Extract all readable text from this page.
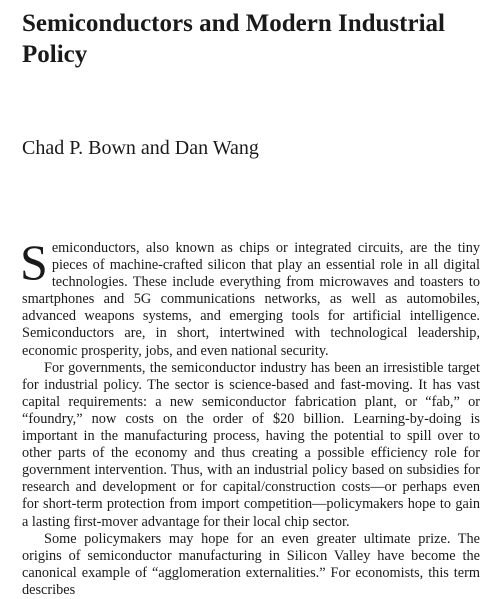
Semiconductors and Modern Industrial Policy
Chad P. Bown and Dan Wang

Semiconductors, also known as chips or integrated circuits, are the tiny pieces of machine-crafted silicon that play an essential role in all digital technologies. These include everything from microwaves and toasters to smartphones and 5G communications networks, as well as automobiles, advanced weapons systems, and emerging tools for artificial intelligence. Semiconductors are, in short, intertwined with technological leadership, economic prosperity, jobs, and even national security.

For governments, the semiconductor industry has been an irresistible target for industrial policy. The sector is science-based and fast-moving. It has vast capital requirements: a new semiconductor fabrication plant, or “fab,” or “foundry,” now costs on the order of $20 billion. Learning-by-doing is important in the manufacturing process, having the potential to spill over to other parts of the economy and thus creating a possible efficiency role for government intervention. Thus, with an industrial policy based on subsidies for research and development or for capital/construction costs—or perhaps even for short-term protection from import competition—policymakers hope to gain a lasting first-mover advantage for their local chip sector.

Some policymakers may hope for an even greater ultimate prize. The origins of semiconductor manufacturing in Silicon Valley have become the canonical example of “agglomeration externalities.” For economists, this term describes
